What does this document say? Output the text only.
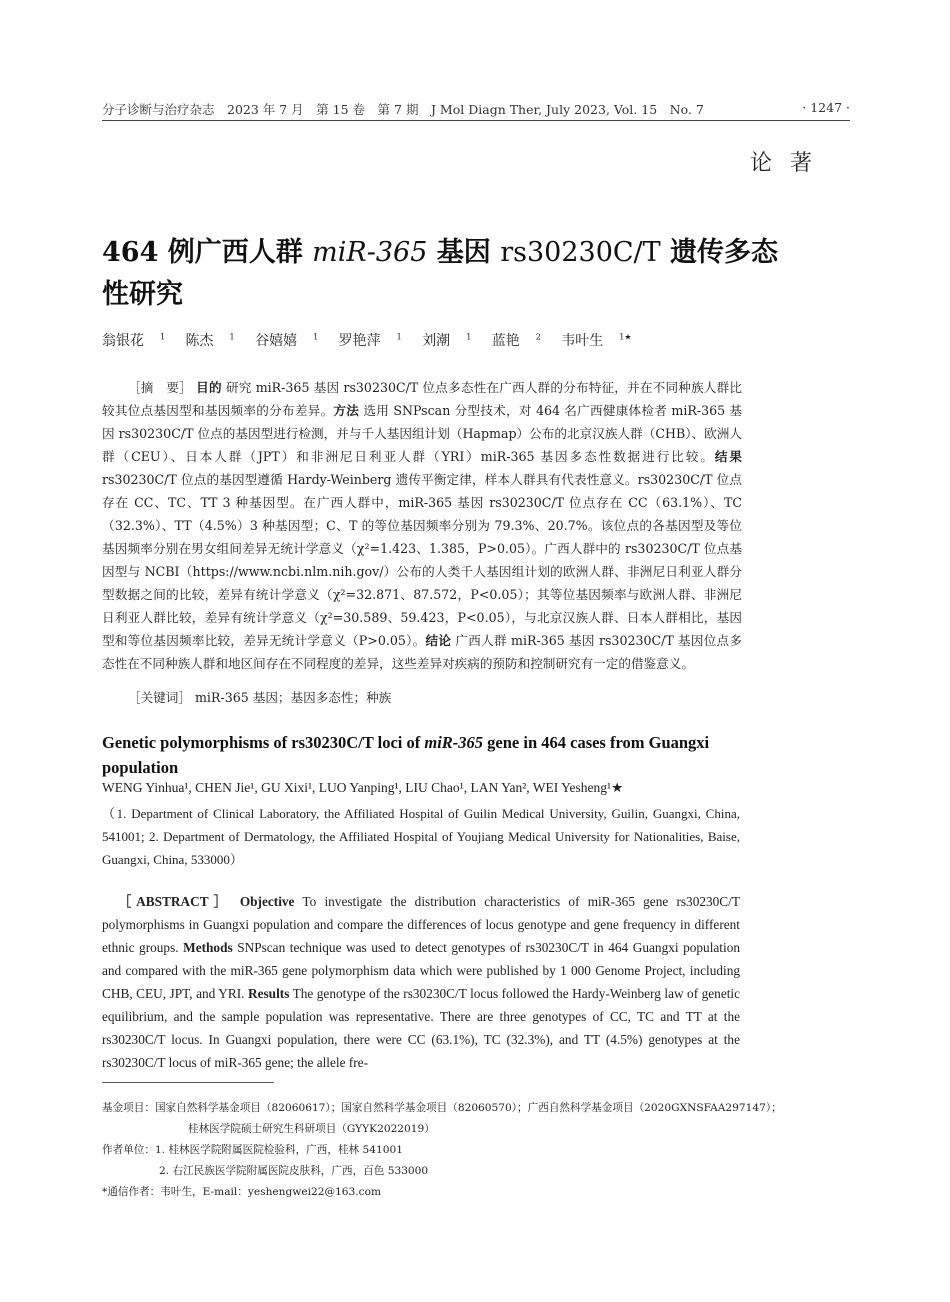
分子诊断与治疗杂志　2023 年 7 月　第 15 卷　第 7 期　J Mol Diagn Ther, July 2023, Vol. 15　No. 7	· 1247 ·
论著
464 例广西人群 miR-365 基因 rs30230C/T 遗传多态性研究
翁银花 $^1$ 陈杰 $^1$ 谷嬉嬉 $^1$ 罗艳萍 $^1$ 刘潮 $^1$ 蓝艳 $^2$ 韦叶生 $^{1★}$

［摘　要］ 目的 研究 miR-365 基因 rs30230C/T 位点多态性在广西人群的分布特征，并在不同种族人群比较其位点基因型和基因频率的分布差异。方法 选用 SNPscan 分型技术，对 464 名广西健康体检者 miR-365 基因 rs30230C/T 位点的基因型进行检测，并与千人基因组计划（Hapmap）公布的北京汉族人群（CHB）、欧洲人群（CEU）、日本人群（JPT）和非洲尼日利亚人群（YRI）miR-365 基因多态性数据进行比较。结果 rs30230C/T 位点的基因型遵循 Hardy-Weinberg 遗传平衡定律，样本人群具有代表性意义。rs30230C/T 位点存在 CC、TC、TT 3 种基因型。在广西人群中，miR-365 基因 rs30230C/T 位点存在 CC（63.1%）、TC（32.3%）、TT（4.5%）3 种基因型；C、T 的等位基因频率分别为 79.3%、20.7%。该位点的各基因型及等位基因频率分别在男女组间差异无统计学意义（χ²=1.423、1.385，P>0.05）。广西人群中的 rs30230C/T 位点基因型与 NCBI（https://www.ncbi.nlm.nih.gov/）公布的人类千人基因组计划的欧洲人群、非洲尼日利亚人群分型数据之间的比较，差异有统计学意义（χ²=32.871、87.572，P<0.05）；其等位基因频率与欧洲人群、非洲尼日利亚人群比较，差异有统计学意义（χ²=30.589、59.423，P<0.05），与北京汉族人群、日本人群相比，基因型和等位基因频率比较，差异无统计学意义（P>0.05）。结论 广西人群 miR-365 基因 rs30230C/T 基因位点多态性在不同种族人群和地区间存在不同程度的差异，这些差异对疾病的预防和控制研究有一定的借鉴意义。

［关键词］ miR-365 基因；基因多态性；种族
Genetic polymorphisms of rs30230C/T loci of miR-365 gene in 464 cases from Guangxi population
WENG Yinhua¹, CHEN Jie¹, GU Xixi¹, LUO Yanping¹, LIU Chao¹, LAN Yan², WEI Yesheng¹★
（1. Department of Clinical Laboratory, the Affiliated Hospital of Guilin Medical University, Guilin, Guangxi, China, 541001; 2. Department of Dermatology, the Affiliated Hospital of Youjiang Medical University for Nationalities, Baise, Guangxi, China, 533000）

［ABSTRACT］ Objective To investigate the distribution characteristics of miR-365 gene rs30230C/T polymorphisms in Guangxi population and compare the differences of locus genotype and gene frequency in different ethnic groups. Methods SNPscan technique was used to detect genotypes of rs30230C/T in 464 Guangxi population and compared with the miR-365 gene polymorphism data which were published by 1 000 Genome Project, including CHB, CEU, JPT, and YRI. Results The genotype of the rs30230C/T locus followed the Hardy-Weinberg law of genetic equilibrium, and the sample population was representative. There are three genotypes of CC, TC and TT at the rs30230C/T locus. In Guangxi population, there were CC (63.1%), TC (32.3%), and TT (4.5%) genotypes at the rs30230C/T locus of miR-365 gene; the allele fre-

基金项目：国家自然科学基金项目（82060617）；国家自然科学基金项目（82060570）；广西自然科学基金项目（2020GXNSFAA297147）；
桂林医学院硕士研究生科研项目（GYYK2022019）
作者单位：1. 桂林医学院附属医院检验科，广西，桂林 541001
2. 右江民族医学院附属医院皮肤科，广西，百色 533000
*通信作者：韦叶生，E-mail：yeshengwei22@163.com
